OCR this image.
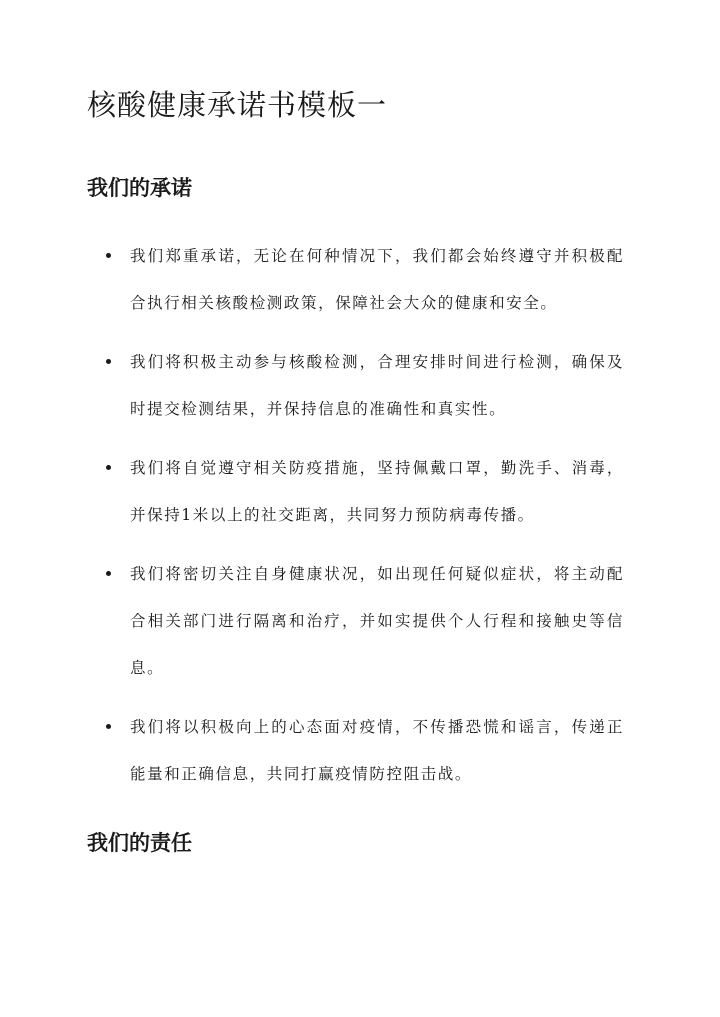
核酸健康承诺书模板一
我们的承诺
我们郑重承诺，无论在何种情况下，我们都会始终遵守并积极配合执行相关核酸检测政策，保障社会大众的健康和安全。
我们将积极主动参与核酸检测，合理安排时间进行检测，确保及时提交检测结果，并保持信息的准确性和真实性。
我们将自觉遵守相关防疫措施，坚持佩戴口罩，勤洗手、消毒，并保持1米以上的社交距离，共同努力预防病毒传播。
我们将密切关注自身健康状况，如出现任何疑似症状，将主动配合相关部门进行隔离和治疗，并如实提供个人行程和接触史等信息。
我们将以积极向上的心态面对疫情，不传播恐慌和谣言，传递正能量和正确信息，共同打赢疫情防控阻击战。
我们的责任
